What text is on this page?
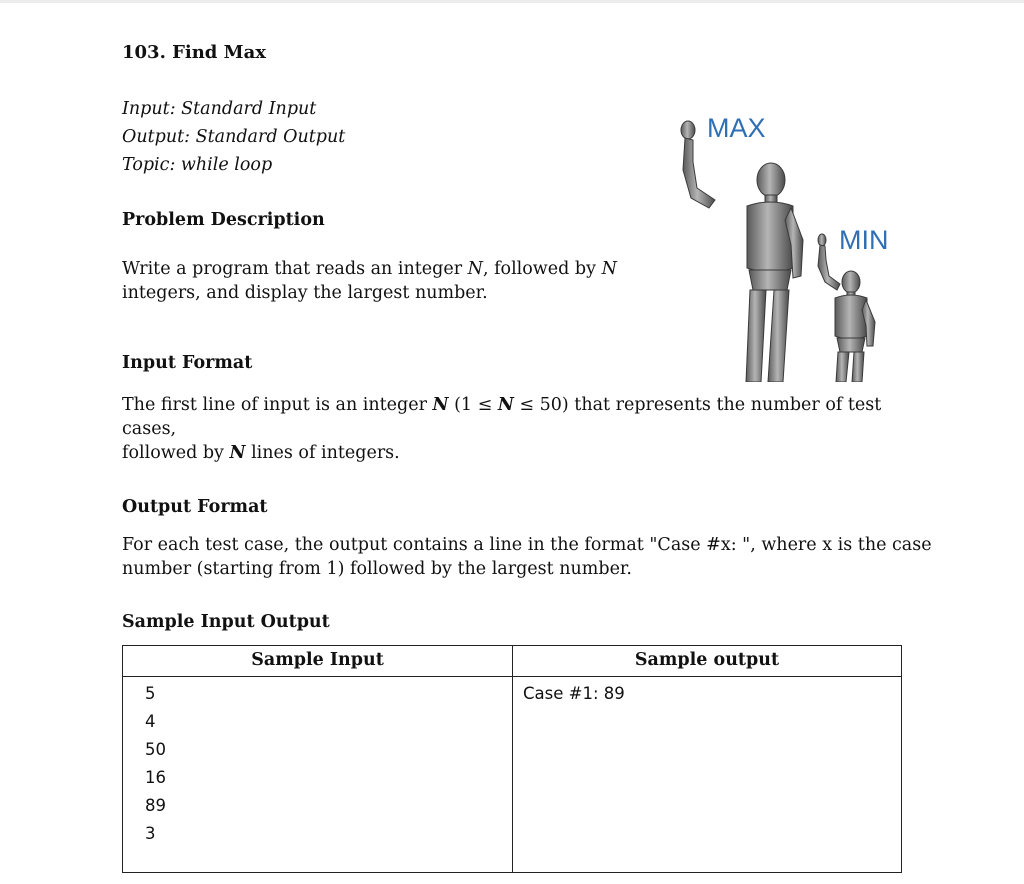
103. Find Max
Input: Standard Input
Output: Standard Output
Topic: while loop
Problem Description

Write a program that reads an integer N, followed by N
integers, and display the largest number.

MAX
MIN
Input Format

The first line of input is an integer N (1 ≤ N ≤ 50) that represents the number of test cases,
followed by N lines of integers.

Output Format

For each test case, the output contains a line in the format "Case #x: ", where x is the case
number (starting from 1) followed by the largest number.

Sample Input Output
Sample Input	Sample output
5
4
50
16
89
3
Case #1: 89
